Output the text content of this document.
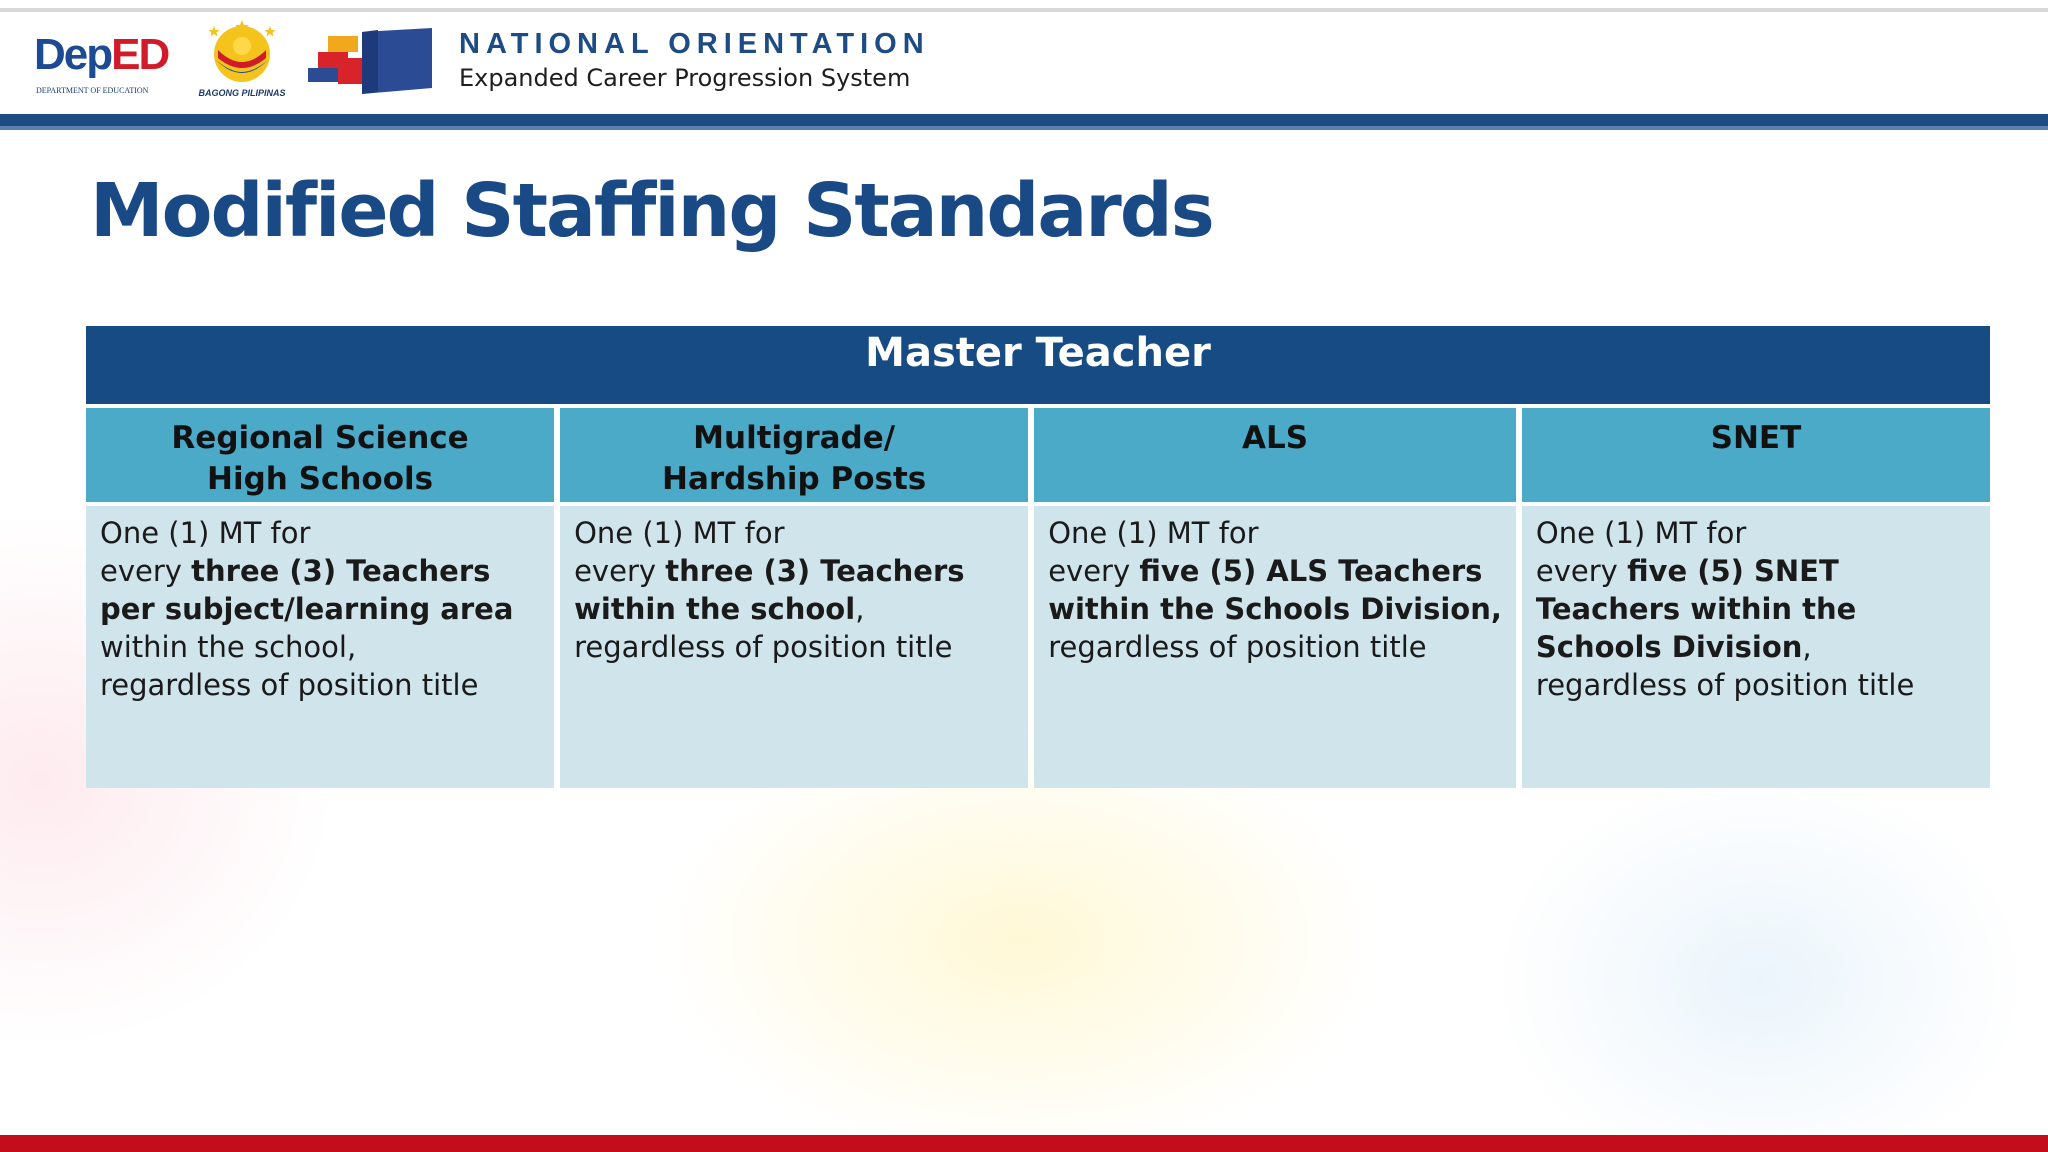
DepED
DEPARTMENT OF EDUCATION	BAGONG PILIPINAS
NATIONAL ORIENTATION
Expanded Career Progression System
Modified Staffing Standards
Master Teacher
Regional Science
High Schools
One (1) MT for
every three (3) Teachers
per subject/learning area
within the school,
regardless of position title
Multigrade/
Hardship Posts
One (1) MT for
every three (3) Teachers
within the school,
regardless of position title
ALS
One (1) MT for
every five (5) ALS Teachers
within the Schools Division,
regardless of position title
SNET
One (1) MT for
every five (5) SNET
Teachers within the
Schools Division,
regardless of position title
